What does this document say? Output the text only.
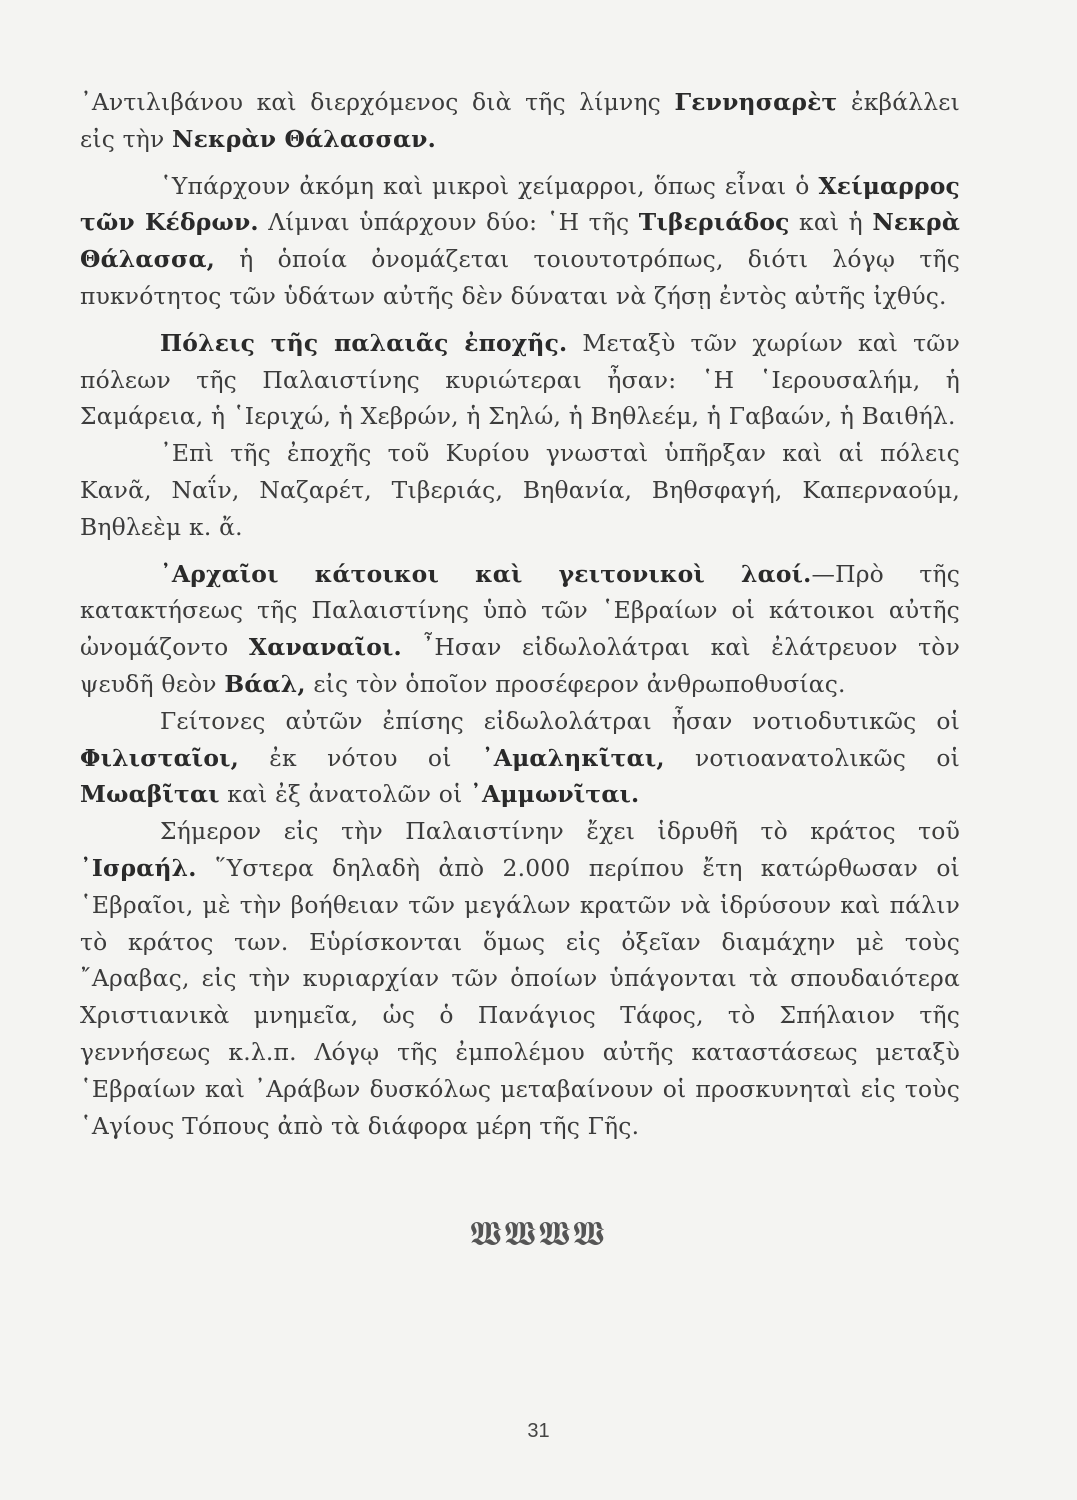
᾿Αντιλιβάνου καὶ διερχόμενος διὰ τῆς λίμνης Γεννησαρὲτ ἐκβάλλει εἰς τὴν Νεκρὰν Θάλασσαν.

῾Υπάρχουν ἀκόμη καὶ μικροὶ χείμαρροι, ὅπως εἶναι ὁ Χείμαρρος τῶν Κέδρων. Λίμναι ὑπάρχουν δύο: ῾Η τῆς Τιβεριάδος καὶ ἡ Νεκρὰ Θάλασσα, ἡ ὁποία ὀνομάζεται τοιουτοτρόπως, διότι λόγῳ τῆς πυκνότητος τῶν ὑδάτων αὐτῆς δὲν δύναται νὰ ζήσῃ ἐντὸς αὐτῆς ἰχθύς.

Πόλεις τῆς παλαιᾶς ἐποχῆς. Μεταξὺ τῶν χωρίων καὶ τῶν πόλεων τῆς Παλαιστίνης κυριώτεραι ἦσαν: ῾Η ῾Ιερουσαλήμ, ἡ Σαμάρεια, ἡ ῾Ιεριχώ, ἡ Χεβρών, ἡ Σηλώ, ἡ Βηθλεέμ, ἡ Γαβαών, ἡ Βαιθήλ.

᾿Επὶ τῆς ἐποχῆς τοῦ Κυρίου γνωσταὶ ὑπῆρξαν καὶ αἱ πόλεις Κανᾶ, Ναΐν, Ναζαρέτ, Τιβεριάς, Βηθανία, Βηθσφαγή, Καπερναούμ, Βηθλεὲμ κ. ἄ.

᾿Αρχαῖοι κάτοικοι καὶ γειτονικοὶ λαοί.—Πρὸ τῆς κατακτήσεως τῆς Παλαιστίνης ὑπὸ τῶν ῾Εβραίων οἱ κάτοικοι αὐτῆς ὠνομάζοντο Χαναναῖοι. ῏Ησαν εἰδωλολάτραι καὶ ἐλάτρευον τὸν ψευδῆ θεὸν Βάαλ, εἰς τὸν ὁποῖον προσέφερον ἀνθρωποθυσίας.

Γείτονες αὐτῶν ἐπίσης εἰδωλολάτραι ἦσαν νοτιοδυτικῶς οἱ Φιλισταῖοι, ἐκ νότου οἱ ᾿Αμαληκῖται, νοτιοανατολικῶς οἱ Μωαβῖται καὶ ἐξ ἀνατολῶν οἱ ᾿Αμμωνῖται.

Σήμερον εἰς τὴν Παλαιστίνην ἔχει ἱδρυθῆ τὸ κράτος τοῦ ᾿Ισραήλ. ῞Υστερα δηλαδὴ ἀπὸ 2.000 περίπου ἔτη κατώρθωσαν οἱ ῾Εβραῖοι, μὲ τὴν βοήθειαν τῶν μεγάλων κρατῶν νὰ ἱδρύσουν καὶ πάλιν τὸ κράτος των. Εὑρίσκονται ὅμως εἰς ὀξεῖαν διαμάχην μὲ τοὺς ῎Αραβας, εἰς τὴν κυριαρχίαν τῶν ὁποίων ὑπάγονται τὰ σπουδαιότερα Χριστιανικὰ μνημεῖα, ὡς ὁ Πανάγιος Τάφος, τὸ Σπήλαιον τῆς γεννήσεως κ.λ.π. Λόγῳ τῆς ἐμπολέμου αὐτῆς καταστάσεως μεταξὺ ῾Εβραίων καὶ ᾿Αράβων δυσκόλως μεταβαίνουν οἱ προσκυνηταὶ εἰς τοὺς ῾Αγίους Τόπους ἀπὸ τὰ διάφορα μέρη τῆς Γῆς.

𝖂𝖂𝖂𝖂
31
